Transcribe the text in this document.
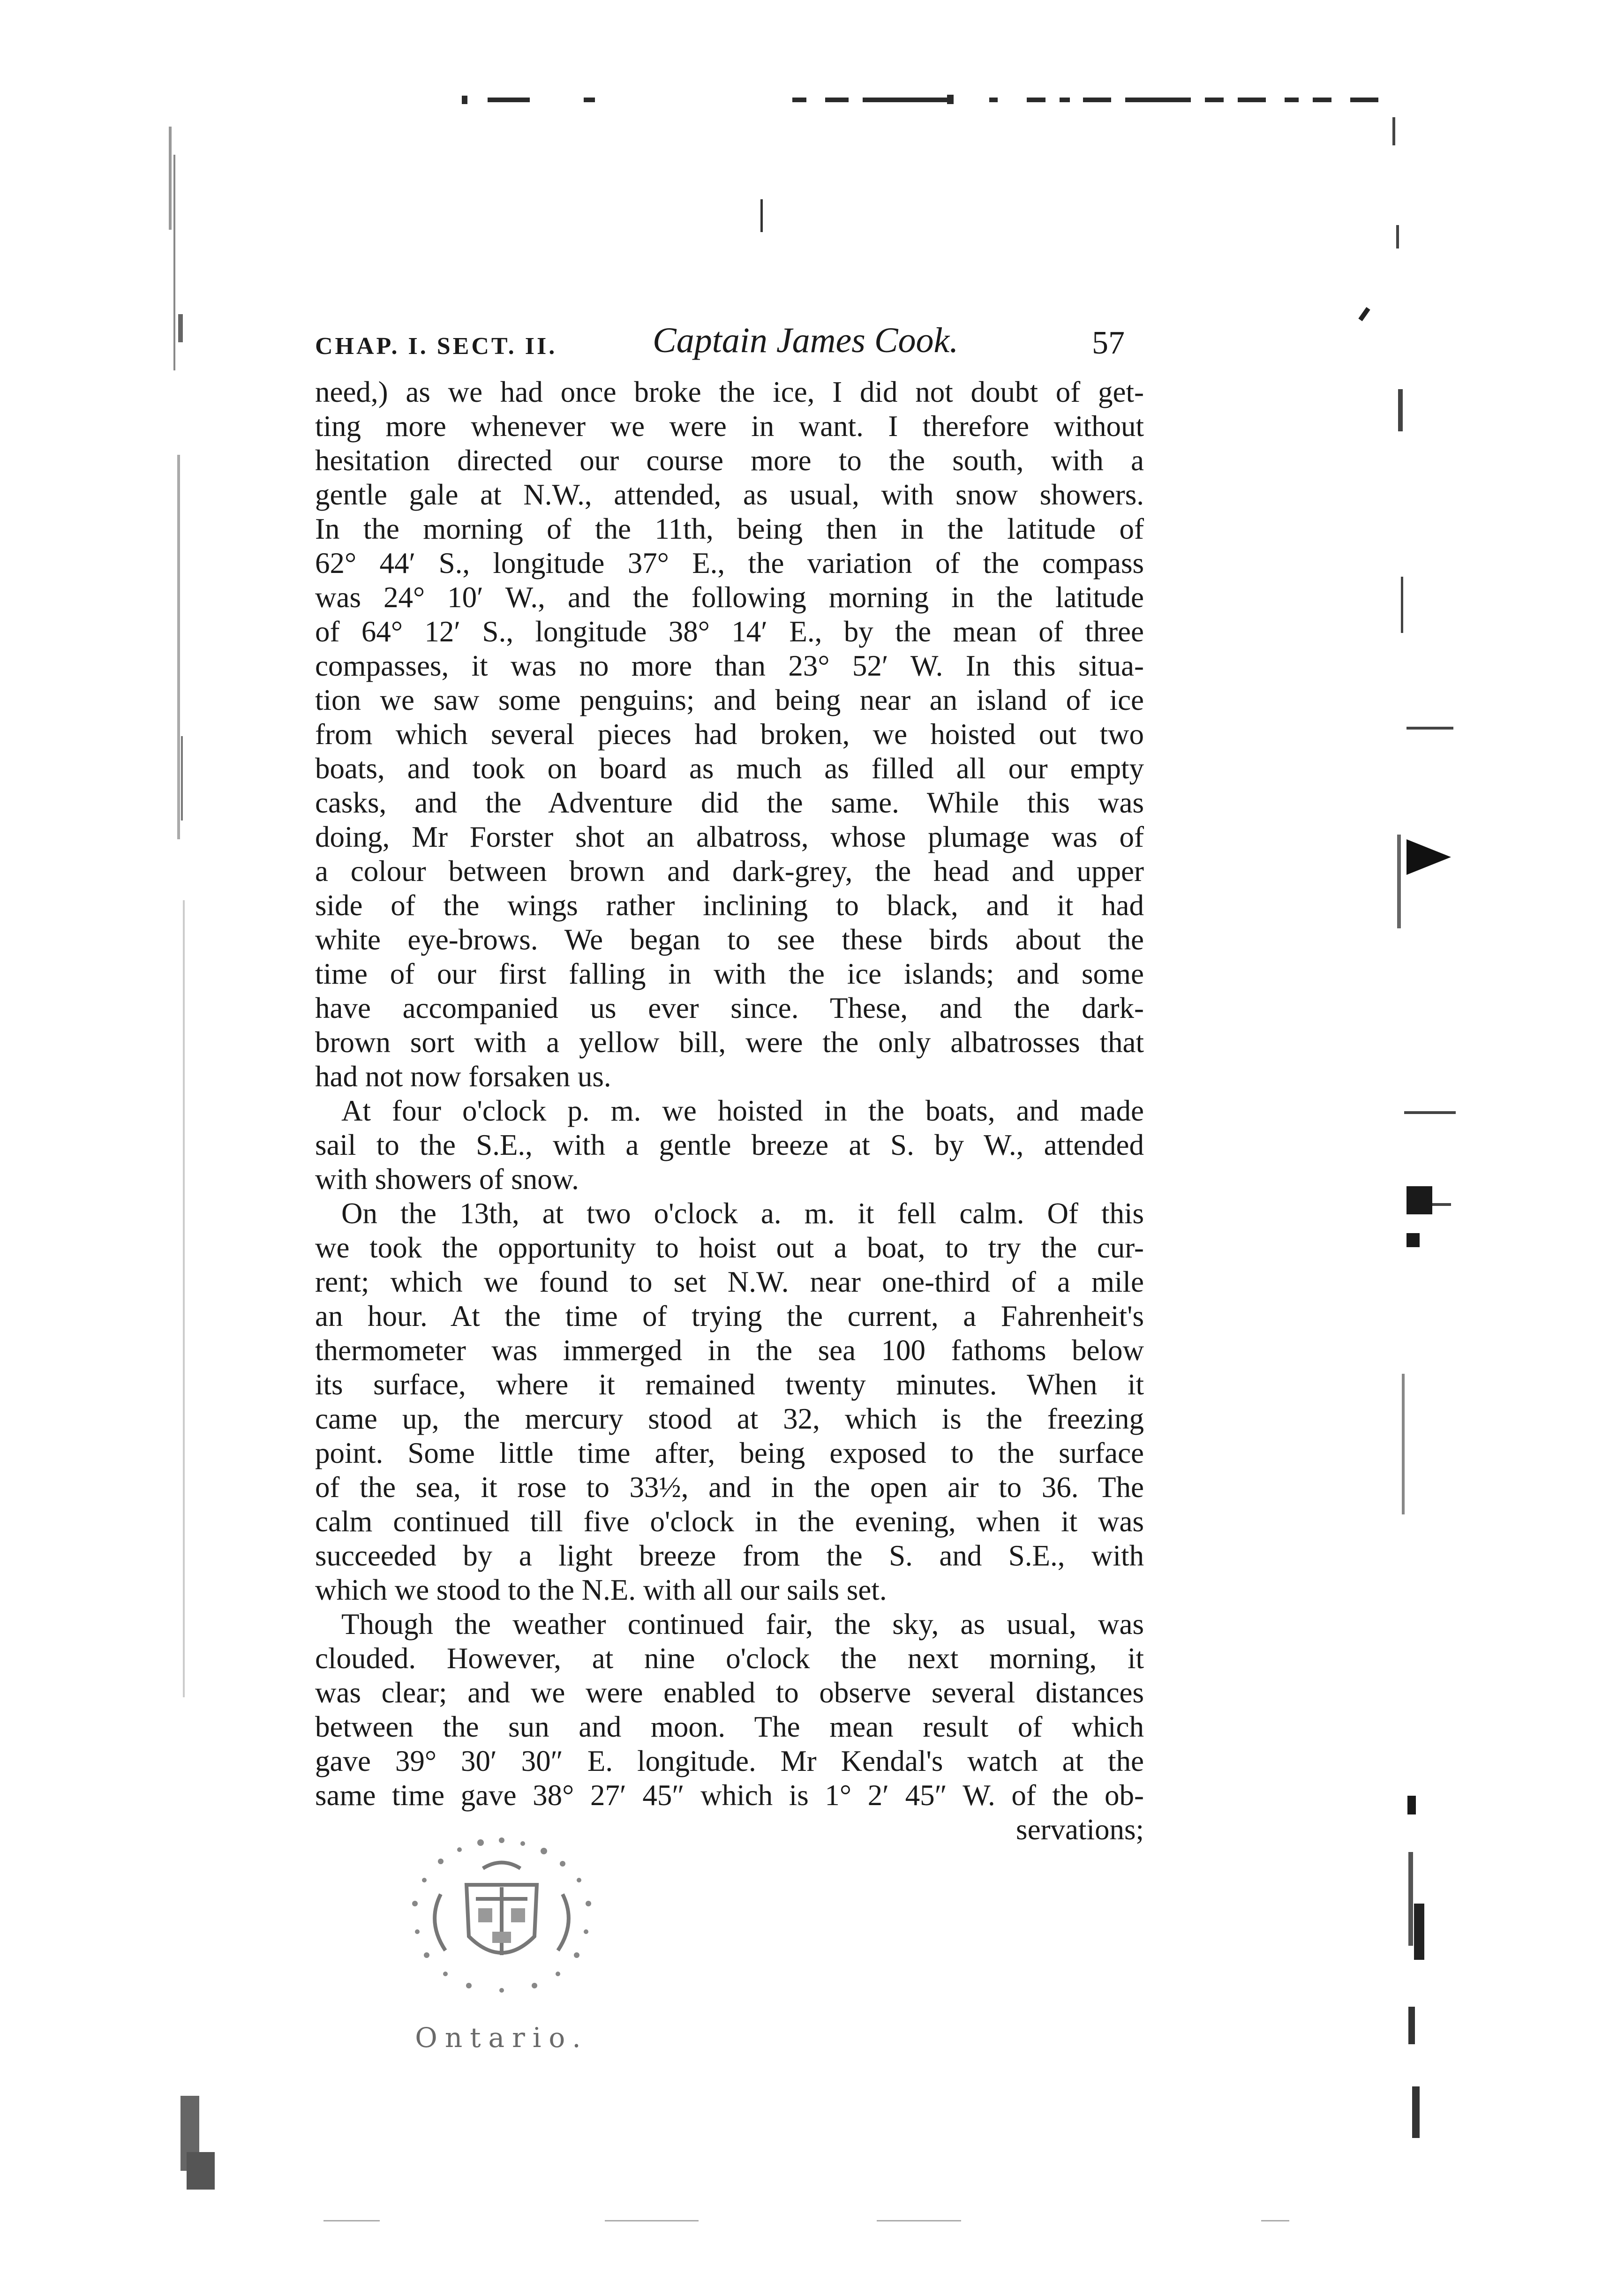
CHAP. I. SECT. II.	Captain James Cook.	57
need,) as we had once broke the ice, I did not doubt of get-
ting more whenever we were in want. I therefore without
hesitation directed our course more to the south, with a
gentle gale at N.W., attended, as usual, with snow showers.
In the morning of the 11th, being then in the latitude of
62° 44′ S., longitude 37° E., the variation of the compass
was 24° 10′ W., and the following morning in the latitude
of 64° 12′ S., longitude 38° 14′ E., by the mean of three
compasses, it was no more than 23° 52′ W. In this situa-
tion we saw some penguins; and being near an island of ice
from which several pieces had broken, we hoisted out two
boats, and took on board as much as filled all our empty
casks, and the Adventure did the same. While this was
doing, Mr Forster shot an albatross, whose plumage was of
a colour between brown and dark-grey, the head and upper
side of the wings rather inclining to black, and it had
white eye-brows. We began to see these birds about the
time of our first falling in with the ice islands; and some
have accompanied us ever since. These, and the dark-
brown sort with a yellow bill, were the only albatrosses that
had not now forsaken us.
At four o'clock p. m. we hoisted in the boats, and made
sail to the S.E., with a gentle breeze at S. by W., attended
with showers of snow.
On the 13th, at two o'clock a. m. it fell calm. Of this
we took the opportunity to hoist out a boat, to try the cur-
rent; which we found to set N.W. near one-third of a mile
an hour. At the time of trying the current, a Fahrenheit's
thermometer was immerged in the sea 100 fathoms below
its surface, where it remained twenty minutes. When it
came up, the mercury stood at 32, which is the freezing
point. Some little time after, being exposed to the surface
of the sea, it rose to 33½, and in the open air to 36. The
calm continued till five o'clock in the evening, when it was
succeeded by a light breeze from the S. and S.E., with
which we stood to the N.E. with all our sails set.
Though the weather continued fair, the sky, as usual, was
clouded. However, at nine o'clock the next morning, it
was clear; and we were enabled to observe several distances
between the sun and moon. The mean result of which
gave 39° 30′ 30″ E. longitude. Mr Kendal's watch at the
same time gave 38° 27′ 45″ which is 1° 2′ 45″ W. of the ob-
servations;
Ontario.
